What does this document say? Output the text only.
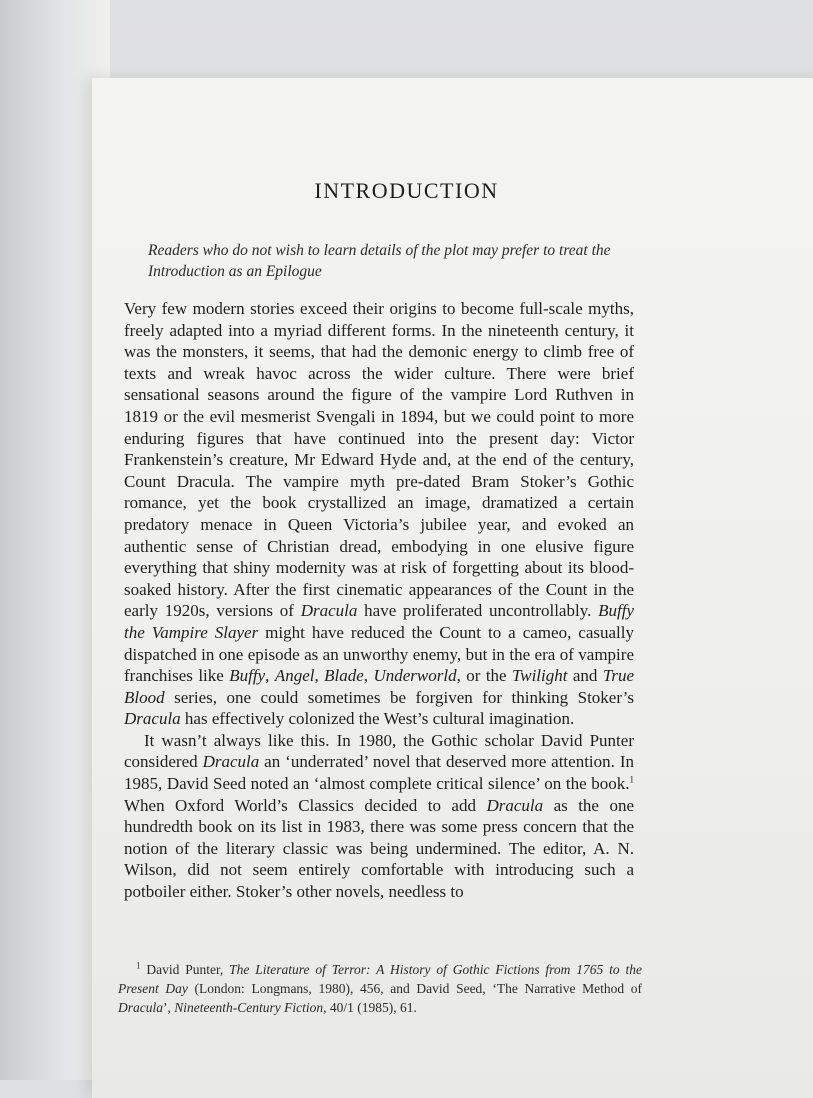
INTRODUCTION
Readers who do not wish to learn details of the plot may prefer to treat the Introduction as an Epilogue

Very few modern stories exceed their origins to become full-scale myths, freely adapted into a myriad different forms. In the nineteenth century, it was the monsters, it seems, that had the demonic energy to climb free of texts and wreak havoc across the wider culture. There were brief sensational seasons around the figure of the vampire Lord Ruthven in 1819 or the evil mesmerist Svengali in 1894, but we could point to more enduring figures that have continued into the present day: Victor Frankenstein’s creature, Mr Edward Hyde and, at the end of the century, Count Dracula. The vampire myth pre-dated Bram Stoker’s Gothic romance, yet the book crystallized an image, dramatized a certain predatory menace in Queen Victoria’s jubilee year, and evoked an authentic sense of Christian dread, embodying in one elusive figure everything that shiny modernity was at risk of forgetting about its blood-soaked history. After the first cinematic appearances of the Count in the early 1920s, versions of Dracula have proliferated uncontrollably. Buffy the Vampire Slayer might have reduced the Count to a cameo, casually dispatched in one episode as an unworthy enemy, but in the era of vampire franchises like Buffy, Angel, Blade, Underworld, or the Twilight and True Blood series, one could sometimes be forgiven for thinking Stoker’s Dracula has effectively colonized the West’s cultural imagination.

It wasn’t always like this. In 1980, the Gothic scholar David Punter considered Dracula an ‘underrated’ novel that deserved more attention. In 1985, David Seed noted an ‘almost complete critical silence’ on the book.$^1$ When Oxford World’s Classics decided to add Dracula as the one hundredth book on its list in 1983, there was some press concern that the notion of the literary classic was being undermined. The editor, A. N. Wilson, did not seem entirely comfortable with introducing such a potboiler either. Stoker’s other novels, needless to

$^1$ David Punter, The Literature of Terror: A History of Gothic Fictions from 1765 to the Present Day (London: Longmans, 1980), 456, and David Seed, ‘The Narrative Method of Dracula’, Nineteenth-Century Fiction, 40/1 (1985), 61.
